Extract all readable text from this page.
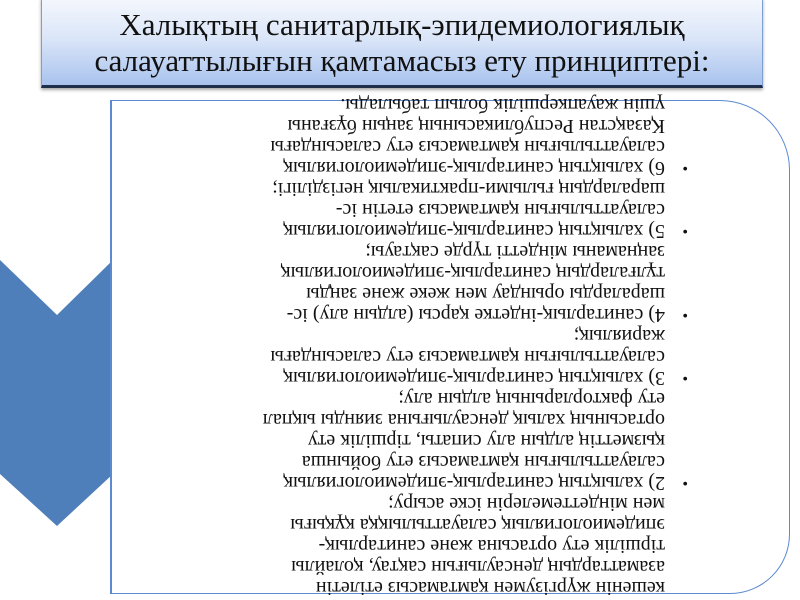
Халықтың санитарлық-эпидемиологиялық
салауаттылығын қамтамасыз ету принциптері:
кешенін жүргізумен қамтамасыз етілетін
азаматтардың денсаулығын сақтау, қолайлы
тіршілік ету ортасына және санитарлық-
эпидемиологиялық салауаттылыққа құқығы
мен міндеттемелерін іске асыру;
•
2) халықтың санитарлық-эпидемиологиялық
салауаттылығын қамтамасыз ету бойынша
қызметтің алдын алу сипаты, тіршілік ету
ортасының халық денсаулығына зиянды ықпал
ету факторларының алдын алу;
•
3) халықтың санитарлық-эпидемиологиялық
салауаттылығын қамтамасыз ету саласындағы
жариялық;
•
4) санитарлық-індетке қарсы (алдын алу) іс-
шараларды орындау мен жеке және заңды
тұлғалардың санитарлық-эпидемиологиялық
заңнаманы міндетті түрде сақтауы;
•
5) халықтың санитарлық-эпидемиологиялық
салауаттылығын қамтамасыз ететін іс-
шаралардың ғылыми-практикалық негізділігі;
•
6) халықтың санитарлық-эпидемиологиялық
салауаттылығын қамтамасыз ету саласындағы
Қазақстан Республикасының заңын бұзғаны
үшін жауапкершілік болып табылады.
